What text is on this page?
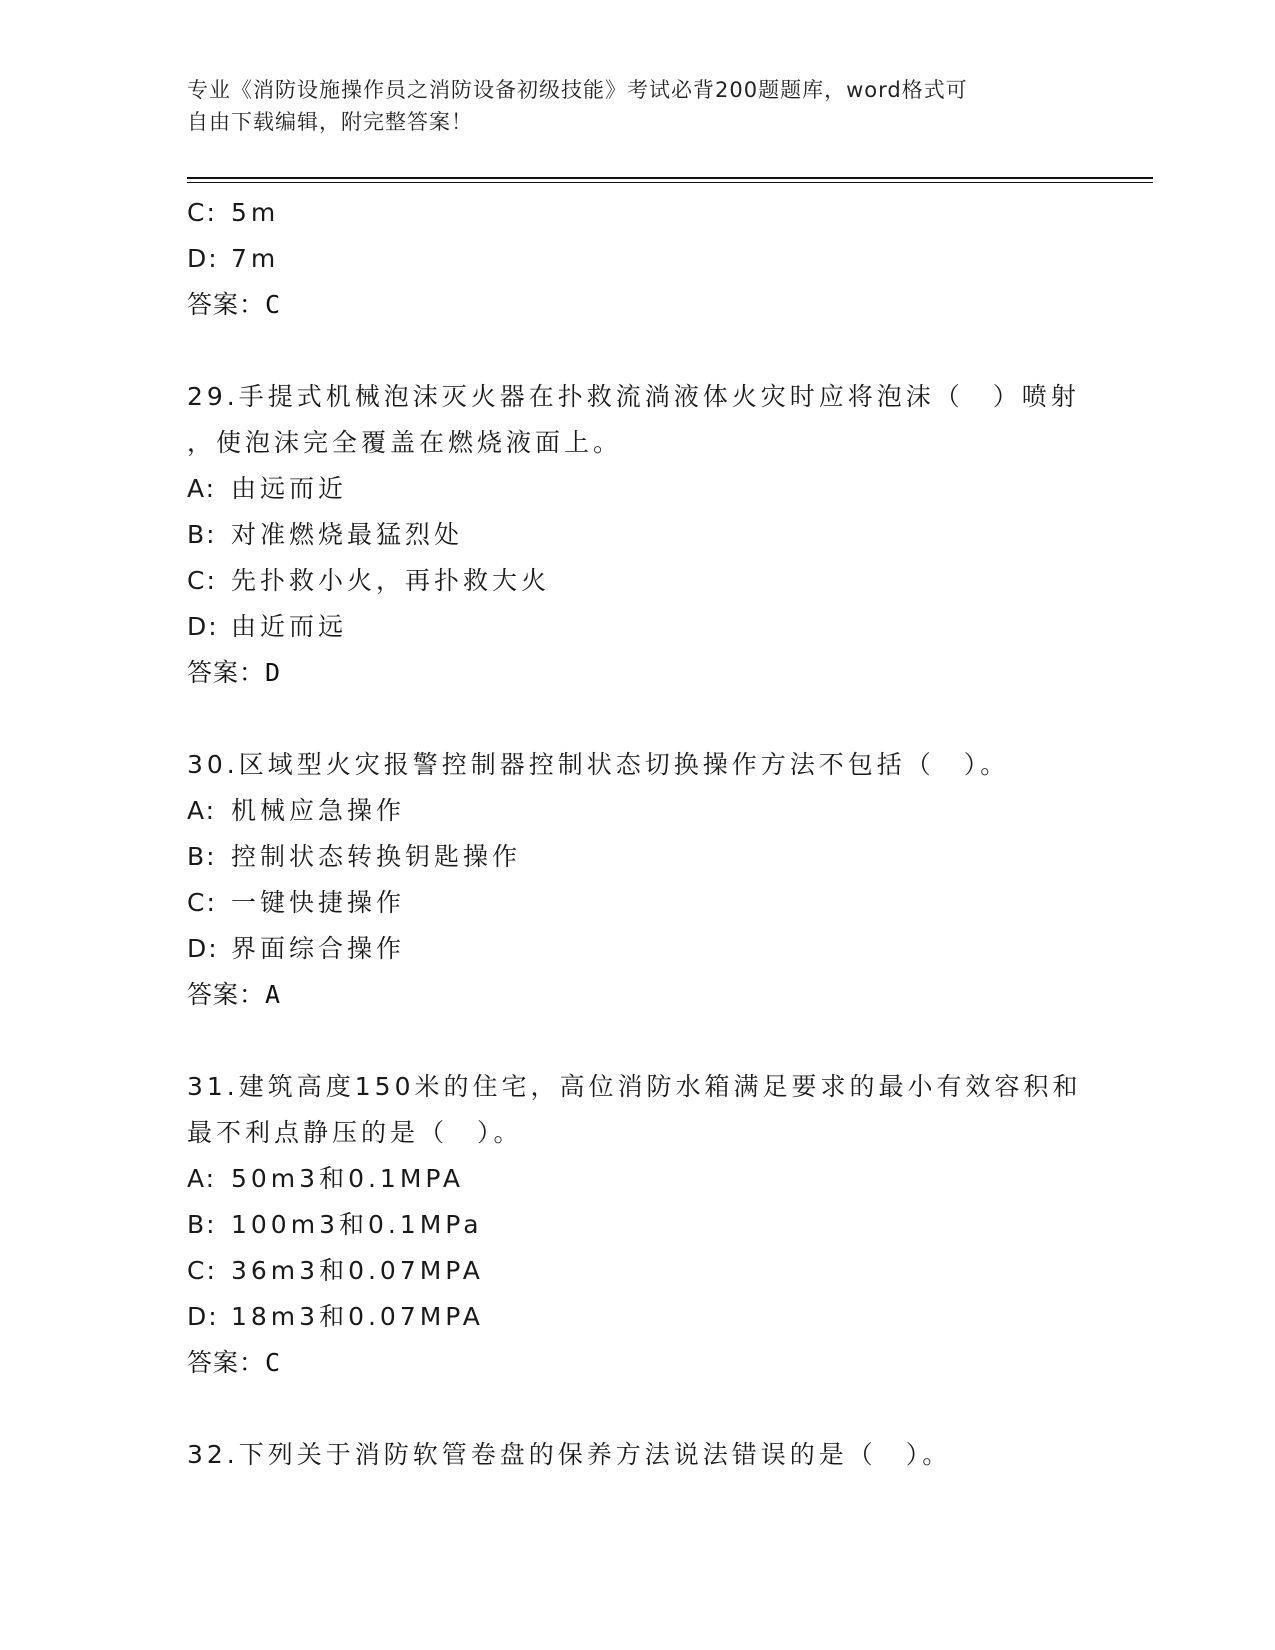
专业《消防设施操作员之消防设备初级技能》考试必背200题题库，word格式可
自由下载编辑，附完整答案！
C: 5m
D: 7m
答案：C
29.手提式机械泡沫灭火器在扑救流淌液体火灾时应将泡沫（　）喷射
，使泡沫完全覆盖在燃烧液面上。
A: 由远而近
B: 对准燃烧最猛烈处
C: 先扑救小火，再扑救大火
D: 由近而远
答案：D
30.区域型火灾报警控制器控制状态切换操作方法不包括（　）。
A: 机械应急操作
B: 控制状态转换钥匙操作
C: 一键快捷操作
D: 界面综合操作
答案：A
31.建筑高度150米的住宅，高位消防水箱满足要求的最小有效容积和
最不利点静压的是（　）。
A: 50m3和0.1MPA
B: 100m3和0.1MPa
C: 36m3和0.07MPA
D: 18m3和0.07MPA
答案：C
32.下列关于消防软管卷盘的保养方法说法错误的是（　）。
